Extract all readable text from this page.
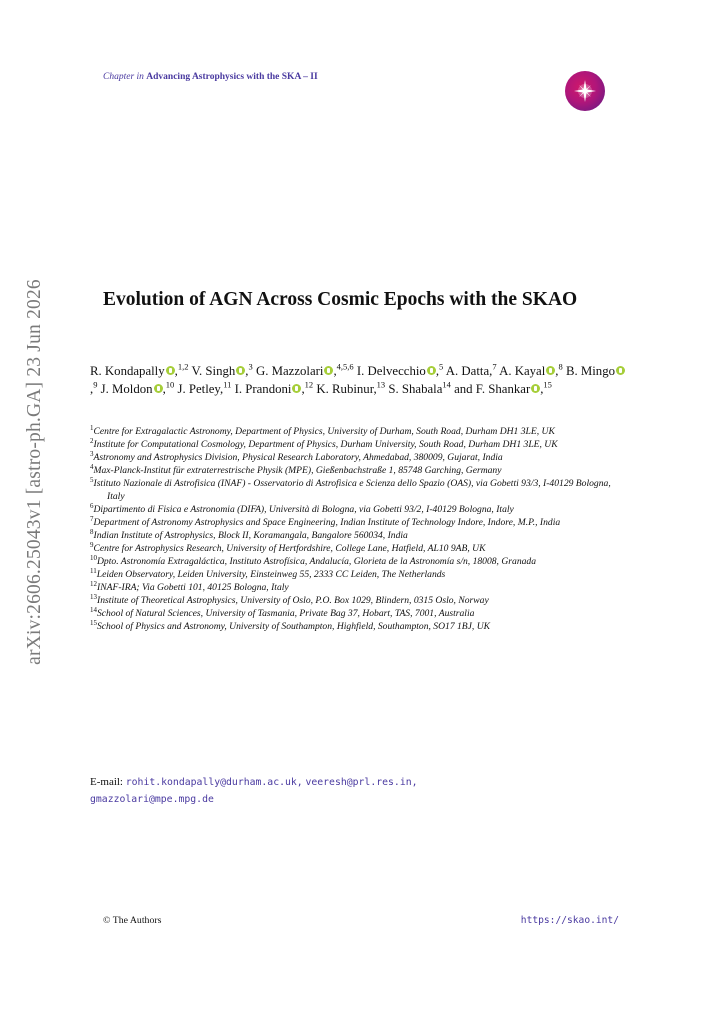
arXiv:2606.25043v1 [astro-ph.GA] 23 Jun 2026
Chapter in Advancing Astrophysics with the SKA – II
Evolution of AGN Across Cosmic Epochs with the SKAO
R. Kondapally ,$^{1,2}$ V. Singh ,$^3$ G. Mazzolari ,$^{4,5,6}$ I. Delvecchio ,$^5$ A. Datta,$^7$ A. Kayal ,$^8$ B. Mingo,$^9$ J. Moldon ,$^{10}$ J. Petley,$^{11}$ I. Prandoni ,$^{12}$ K. Rubinur,$^{13}$ S. Shabala$^{14}$ and F. Shankar ,$^{15}$
$^1$Centre for Extragalactic Astronomy, Department of Physics, University of Durham, South Road, Durham DH1 3LE, UK
$^2$Institute for Computational Cosmology, Department of Physics, Durham University, South Road, Durham DH1 3LE, UK
$^3$Astronomy and Astrophysics Division, Physical Research Laboratory, Ahmedabad, 380009, Gujarat, India
$^4$Max-Planck-Institut für extraterrestrische Physik (MPE), Gießenbachstraße 1, 85748 Garching, Germany
$^5$Istituto Nazionale di Astrofisica (INAF) - Osservatorio di Astrofisica e Scienza dello Spazio (OAS), via Gobetti 93/3, I-40129 Bologna, Italy
$^6$Dipartimento di Fisica e Astronomia (DIFA), Università di Bologna, via Gobetti 93/2, I-40129 Bologna, Italy
$^7$Department of Astronomy Astrophysics and Space Engineering, Indian Institute of Technology Indore, Indore, M.P., India
$^8$Indian Institute of Astrophysics, Block II, Koramangala, Bangalore 560034, India
$^9$Centre for Astrophysics Research, University of Hertfordshire, College Lane, Hatfield, AL10 9AB, UK
$^{10}$Dpto. Astronomía Extragaláctica, Instituto Astrofísica, Andalucía, Glorieta de la Astronomía s/n, 18008, Granada
$^{11}$Leiden Observatory, Leiden University, Einsteinweg 55, 2333 CC Leiden, The Netherlands
$^{12}$INAF-IRA; Via Gobetti 101, 40125 Bologna, Italy
$^{13}$Institute of Theoretical Astrophysics, University of Oslo, P.O. Box 1029, Blindern, 0315 Oslo, Norway
$^{14}$School of Natural Sciences, University of Tasmania, Private Bag 37, Hobart, TAS, 7001, Australia
$^{15}$School of Physics and Astronomy, University of Southampton, Highfield, Southampton, SO17 1BJ, UK
E-mail: rohit.kondapally@durham.ac.uk, veeresh@prl.res.in,
gmazzolari@mpe.mpg.de
© The Authors	https://skao.int/
